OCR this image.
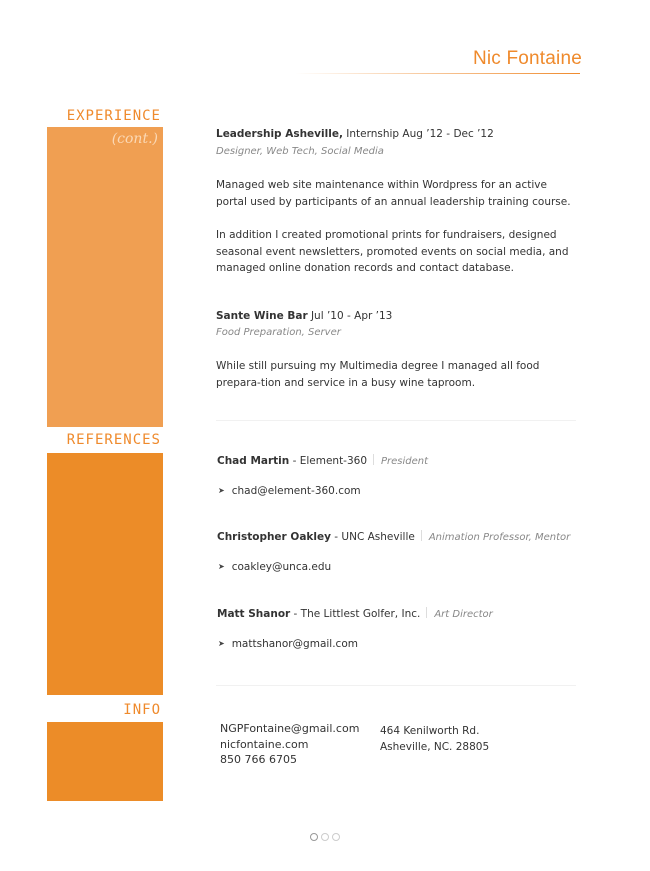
Nic Fontaine
EXPERIENCE
(cont.)
REFERENCES
INFO
Leadership Asheville, Internship Aug ’12 - Dec ’12
Designer, Web Tech, Social Media
Managed web site maintenance within Wordpress for an active portal used by participants of an annual leadership training course.
In addition I created promotional prints for fundraisers, designed seasonal event newsletters, promoted events on social media, and managed online donation records and contact database.
Sante Wine Bar Jul ’10 - Apr ’13
Food Preparation, Server
While still pursuing my Multimedia degree I managed all food prepara-tion and service in a busy wine taproom.
Chad Martin - Element-360 President
➤ chad@element-360.com
Christopher Oakley - UNC Asheville Animation Professor, Mentor
➤ coakley@unca.edu
Matt Shanor - The Littlest Golfer, Inc. Art Director
➤ mattshanor@gmail.com
NGPFontaine@gmail.com
nicfontaine.com
850 766 6705
464 Kenilworth Rd.
Asheville, NC. 28805
